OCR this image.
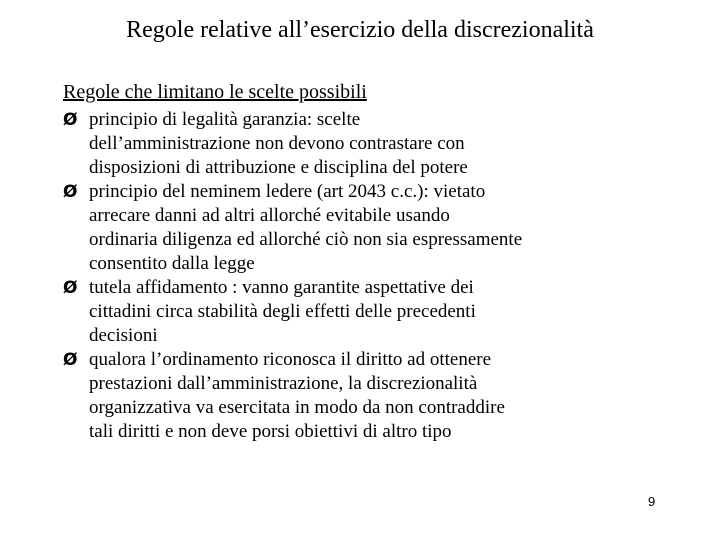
Regole relative all’esercizio della discrezionalità

Regole che limitano le scelte possibili

Ø principio di legalità garanzia: scelte
dell’amministrazione non devono contrastare con
disposizioni di attribuzione e disciplina del potere
Ø principio del neminem ledere (art 2043 c.c.): vietato
arrecare danni ad altri allorché evitabile usando
ordinaria diligenza ed allorché ciò non sia espressamente
consentito dalla legge
Ø tutela affidamento : vanno garantite aspettative dei
cittadini circa stabilità degli effetti delle precedenti
decisioni
Ø qualora l’ordinamento riconosca il diritto ad ottenere
prestazioni dall’amministrazione, la discrezionalità
organizzativa va esercitata in modo da non contraddire
tali diritti e non deve porsi obiettivi di altro tipo
9
